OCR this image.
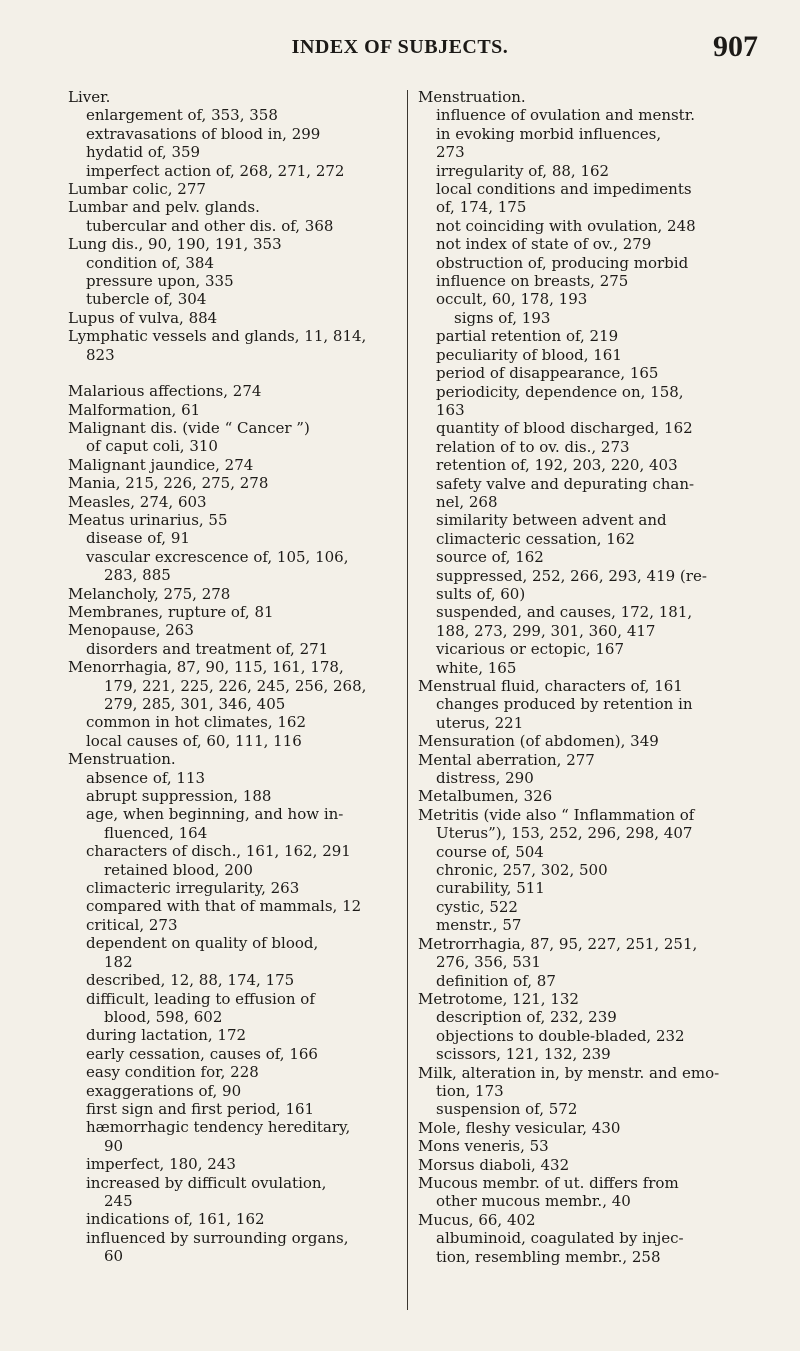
INDEX OF SUBJECTS.	907
Liver.
enlargement of, 353, 358
extravasations of blood in, 299
hydatid of, 359
imperfect action of, 268, 271, 272
Lumbar colic, 277
Lumbar and pelv. glands.
tubercular and other dis. of, 368
Lung dis., 90, 190, 191, 353
condition of, 384
pressure upon, 335
tubercle of, 304
Lupus of vulva, 884
Lymphatic vessels and glands, 11, 814,
823
Malarious affections, 274
Malformation, 61
Malignant dis. (vide “ Cancer ”)
of caput coli, 310
Malignant jaundice, 274
Mania, 215, 226, 275, 278
Measles, 274, 603
Meatus urinarius, 55
disease of, 91
vascular excrescence of, 105, 106,
283, 885
Melancholy, 275, 278
Membranes, rupture of, 81
Menopause, 263
disorders and treatment of, 271
Menorrhagia, 87, 90, 115, 161, 178,
179, 221, 225, 226, 245, 256, 268,
279, 285, 301, 346, 405
common in hot climates, 162
local causes of, 60, 111, 116
Menstruation.
absence of, 113
abrupt suppression, 188
age, when beginning, and how in-
fluenced, 164
characters of disch., 161, 162, 291
retained blood, 200
climacteric irregularity, 263
compared with that of mammals, 12
critical, 273
dependent on quality of blood,
182
described, 12, 88, 174, 175
difficult, leading to effusion of
blood, 598, 602
during lactation, 172
early cessation, causes of, 166
easy condition for, 228
exaggerations of, 90
first sign and first period, 161
hæmorrhagic tendency hereditary,
90
imperfect, 180, 243
increased by difficult ovulation,
245
indications of, 161, 162
influenced by surrounding organs,
60
Menstruation.
influence of ovulation and menstr.
in evoking morbid influences,
273
irregularity of, 88, 162
local conditions and impediments
of, 174, 175
not coinciding with ovulation, 248
not index of state of ov., 279
obstruction of, producing morbid
influence on breasts, 275
occult, 60, 178, 193
signs of, 193
partial retention of, 219
peculiarity of blood, 161
period of disappearance, 165
periodicity, dependence on, 158,
163
quantity of blood discharged, 162
relation of to ov. dis., 273
retention of, 192, 203, 220, 403
safety valve and depurating chan-
nel, 268
similarity between advent and
climacteric cessation, 162
source of, 162
suppressed, 252, 266, 293, 419 (re-
sults of, 60)
suspended, and causes, 172, 181,
188, 273, 299, 301, 360, 417
vicarious or ectopic, 167
white, 165
Menstrual fluid, characters of, 161
changes produced by retention in
uterus, 221
Mensuration (of abdomen), 349
Mental aberration, 277
distress, 290
Metalbumen, 326
Metritis (vide also “ Inflammation of
Uterus”), 153, 252, 296, 298, 407
course of, 504
chronic, 257, 302, 500
curability, 511
cystic, 522
menstr., 57
Metrorrhagia, 87, 95, 227, 251, 251,
276, 356, 531
definition of, 87
Metrotome, 121, 132
description of, 232, 239
objections to double-bladed, 232
scissors, 121, 132, 239
Milk, alteration in, by menstr. and emo-
tion, 173
suspension of, 572
Mole, fleshy vesicular, 430
Mons veneris, 53
Morsus diaboli, 432
Mucous membr. of ut. differs from
other mucous membr., 40
Mucus, 66, 402
albuminoid, coagulated by injec-
tion, resembling membr., 258
